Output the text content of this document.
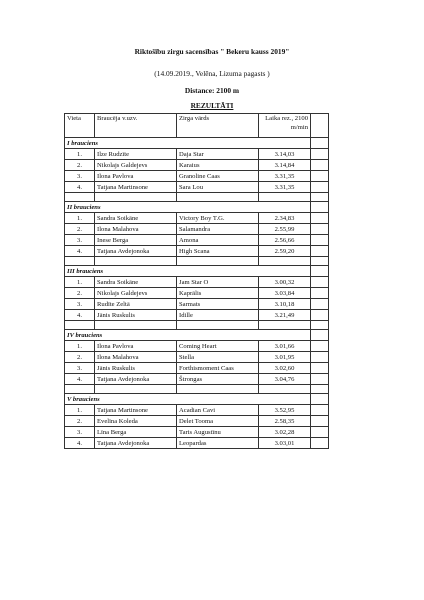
Riktošību zirgu sacensības " Bekeru kauss 2019"
(14.09.2019., Velēna, Lizuma pagasts )
Distance: 2100 m
REZULTĀTI
Vieta	Braucēja v.uzv.	Zirga vārds	Laika rez., 2100 m/min	
I brauciens				
1.	Ilze Rudzīte	Daja Star	3.14,03	
2.	Nikolajs Galdejevs	Karaius	3.14,84	
3.	Ilona Pavlova	Granoline Caas	3.31,35	
4.	Tatjana Martinsone	Sara Lou	3.31,35	

II brauciens				
1.	Sandra Soikāne	Victory Boy T.G.	2.34,83	
2.	Ilona Malahova	Salamandra	2.55,99	
3.	Inese Berga	Amona	2.56,66	
4.	Tatjana Avdejonoka	High Scana	2.59,20	

III brauciens				
1.	Sandra Soikāne	Jam Star O	3.00,32	
2.	Nikolajs Galdejevs	Kaprālis	3.03,84	
3.	Rudīte Zeltā	Sarmats	3.10,18	
4.	Jānis Ruskulis	Idille	3.21,49	

IV brauciens				
1.	Ilona Pavlova	Coming Heart	3.01,66	
2.	Ilona Malahova	Stella	3.01,95	
3.	Jānis Ruskulis	Forthismoment Caas	3.02,60	
4.	Tatjana Avdejonoka	Štrongas	3.04,76	

V brauciens				
1.	Tatjana Martinsone	Acadian Cavi	3.52,95	
2.	Evelīna Koleda	Delet Tooma	2.58,35	
3.	Līna Berga	Taris Augustīnu	3.02,28	
4.	Tatjana Avdejonoka	Leopardas	3.03,01	
